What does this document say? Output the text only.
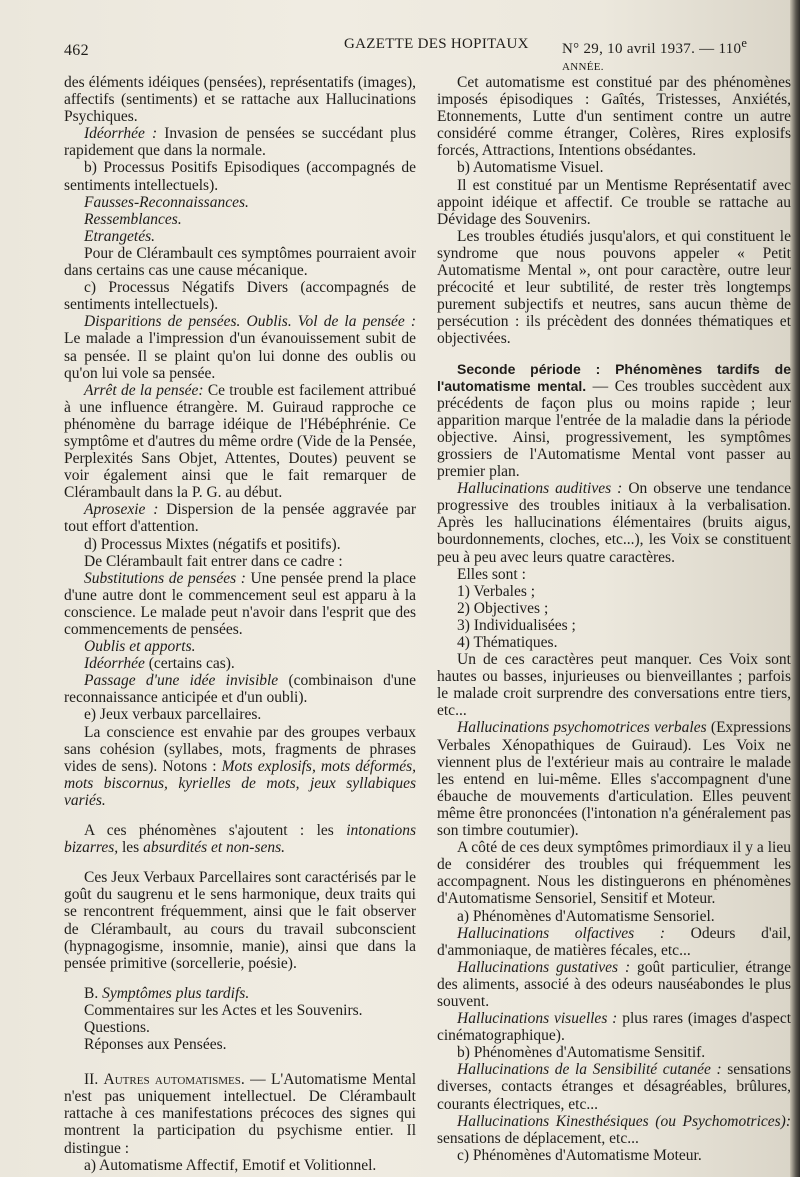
462	GAZETTE DES HOPITAUX N° 29, 10 avril 1937. — 110e ANNÉE.

des éléments idéiques (pensées), représentatifs (images), affectifs (sentiments) et se rattache aux Hallucinations Psychiques.

Idéorrhée : Invasion de pensées se succédant plus rapidement que dans la normale.

b) Processus Positifs Episodiques (accompagnés de sentiments intellectuels).

Fausses-Reconnaissances.

Ressemblances.

Etrangetés.

Pour de Clérambault ces symptômes pourraient avoir dans certains cas une cause mécanique.

c) Processus Négatifs Divers (accompagnés de sentiments intellectuels).

Disparitions de pensées. Oublis. Vol de la pensée : Le malade a l'impression d'un évanouissement subit de sa pensée. Il se plaint qu'on lui donne des oublis ou qu'on lui vole sa pensée.

Arrêt de la pensée: Ce trouble est facilement attribué à une influence étrangère. M. Guiraud rapproche ce phénomène du barrage idéique de l'Hébéphrénie. Ce symptôme et d'autres du même ordre (Vide de la Pensée, Perplexités Sans Objet, Attentes, Doutes) peuvent se voir également ainsi que le fait remarquer de Clérambault dans la P. G. au début.

Aprosexie : Dispersion de la pensée aggravée par tout effort d'attention.

d) Processus Mixtes (négatifs et positifs).

De Clérambault fait entrer dans ce cadre :

Substitutions de pensées : Une pensée prend la place d'une autre dont le commencement seul est apparu à la conscience. Le malade peut n'avoir dans l'esprit que des commencements de pensées.

Oublis et apports.

Idéorrhée (certains cas).

Passage d'une idée invisible (combinaison d'une reconnaissance anticipée et d'un oubli).

e) Jeux verbaux parcellaires.

La conscience est envahie par des groupes verbaux sans cohésion (syllabes, mots, fragments de phrases vides de sens). Notons : Mots explosifs, mots déformés, mots biscornus, kyrielles de mots, jeux syllabiques variés.

A ces phénomènes s'ajoutent : les intonations bizarres, les absurdités et non-sens.

Ces Jeux Verbaux Parcellaires sont caractérisés par le goût du saugrenu et le sens harmonique, deux traits qui se rencontrent fréquemment, ainsi que le fait observer de Clérambault, au cours du travail subconscient (hypnagogisme, insomnie, manie), ainsi que dans la pensée primitive (sorcellerie, poésie).

B. Symptômes plus tardifs.

Commentaires sur les Actes et les Souvenirs.

Questions.

Réponses aux Pensées.

II. Autres automatismes. — L'Automatisme Mental n'est pas uniquement intellectuel. De Clérambault rattache à ces manifestations précoces des signes qui montrent la participation du psychisme entier. Il distingue :

a) Automatisme Affectif, Emotif et Volitionnel.

Cet automatisme est constitué par des phénomènes imposés épisodiques : Gaîtés, Tristesses, Anxiétés, Etonnements, Lutte d'un sentiment contre un autre considéré comme étranger, Colères, Rires explosifs forcés, Attractions, Intentions obsédantes.

b) Automatisme Visuel.

Il est constitué par un Mentisme Représentatif avec appoint idéique et affectif. Ce trouble se rattache au Dévidage des Souvenirs.

Les troubles étudiés jusqu'alors, et qui constituent le syndrome que nous pouvons appeler « Petit Automatisme Mental », ont pour caractère, outre leur précocité et leur subtilité, de rester très longtemps purement subjectifs et neutres, sans aucun thème de persécution : ils précèdent des données thématiques et objectivées.

Seconde période : Phénomènes tardifs de l'automatisme mental. — Ces troubles succèdent aux précédents de façon plus ou moins rapide ; leur apparition marque l'entrée de la maladie dans la période objective. Ainsi, progressivement, les symptômes grossiers de l'Automatisme Mental vont passer au premier plan.

Hallucinations auditives : On observe une tendance progressive des troubles initiaux à la verbalisation. Après les hallucinations élémentaires (bruits aigus, bourdonnements, cloches, etc...), les Voix se constituent peu à peu avec leurs quatre caractères.

Elles sont :

1) Verbales ;

2) Objectives ;

3) Individualisées ;

4) Thématiques.

Un de ces caractères peut manquer. Ces Voix sont hautes ou basses, injurieuses ou bienveillantes ; parfois le malade croit surprendre des conversations entre tiers, etc...

Hallucinations psychomotrices verbales (Expressions Verbales Xénopathiques de Guiraud). Les Voix ne viennent plus de l'extérieur mais au contraire le malade les entend en lui-même. Elles s'accompagnent d'une ébauche de mouvements d'articulation. Elles peuvent même être prononcées (l'intonation n'a généralement pas son timbre coutumier).

A côté de ces deux symptômes primordiaux il y a lieu de considérer des troubles qui fréquemment les accompagnent. Nous les distinguerons en phénomènes d'Automatisme Sensoriel, Sensitif et Moteur.

a) Phénomènes d'Automatisme Sensoriel.

Hallucinations olfactives : Odeurs d'ail, d'ammoniaque, de matières fécales, etc...

Hallucinations gustatives : goût particulier, étrange des aliments, associé à des odeurs nauséabondes le plus souvent.

Hallucinations visuelles : plus rares (images d'aspect cinématographique).

b) Phénomènes d'Automatisme Sensitif.

Hallucinations de la Sensibilité cutanée : sensations diverses, contacts étranges et désagréables, brûlures, courants électriques, etc...

Hallucinations Kinesthésiques (ou Psychomotrices): sensations de déplacement, etc...

c) Phénomènes d'Automatisme Moteur.
